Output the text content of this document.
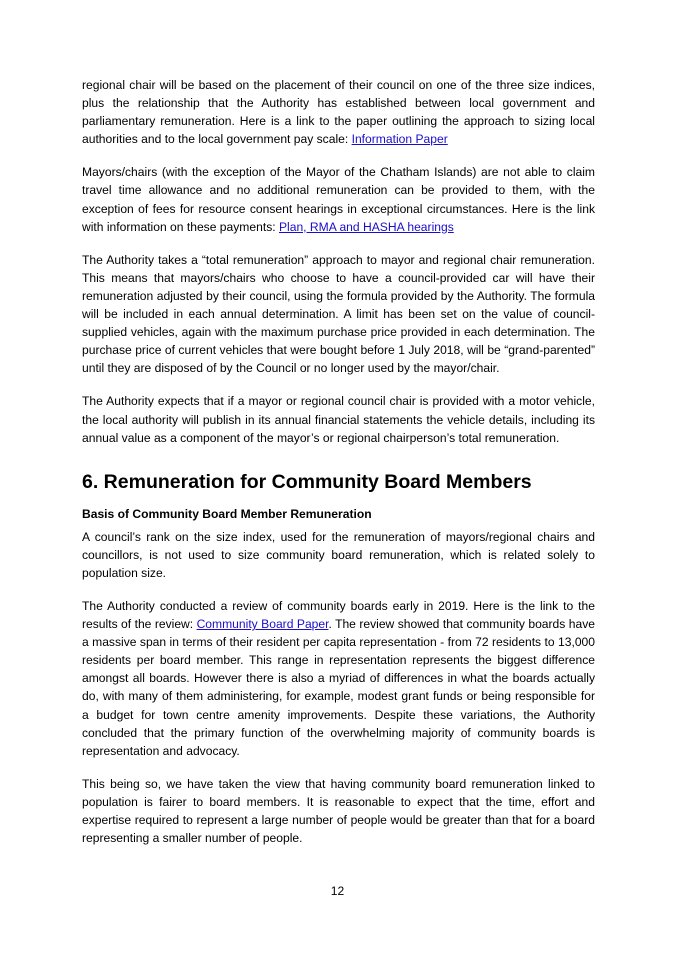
regional chair will be based on the placement of their council on one of the three size indices, plus the relationship that the Authority has established between local government and parliamentary remuneration. Here is a link to the paper outlining the approach to sizing local authorities and to the local government pay scale: Information Paper

Mayors/chairs (with the exception of the Mayor of the Chatham Islands) are not able to claim travel time allowance and no additional remuneration can be provided to them, with the exception of fees for resource consent hearings in exceptional circumstances. Here is the link with information on these payments: Plan, RMA and HASHA hearings

The Authority takes a “total remuneration” approach to mayor and regional chair remuneration. This means that mayors/chairs who choose to have a council-provided car will have their remuneration adjusted by their council, using the formula provided by the Authority. The formula will be included in each annual determination. A limit has been set on the value of council-supplied vehicles, again with the maximum purchase price provided in each determination. The purchase price of current vehicles that were bought before 1 July 2018, will be “grand-parented” until they are disposed of by the Council or no longer used by the mayor/chair.

The Authority expects that if a mayor or regional council chair is provided with a motor vehicle, the local authority will publish in its annual financial statements the vehicle details, including its annual value as a component of the mayor’s or regional chairperson’s total remuneration.

6. Remuneration for Community Board Members
Basis of Community Board Member Remuneration

A council’s rank on the size index, used for the remuneration of mayors/regional chairs and councillors, is not used to size community board remuneration, which is related solely to population size.

The Authority conducted a review of community boards early in 2019. Here is the link to the results of the review: Community Board Paper. The review showed that community boards have a massive span in terms of their resident per capita representation - from 72 residents to 13,000 residents per board member. This range in representation represents the biggest difference amongst all boards. However there is also a myriad of differences in what the boards actually do, with many of them administering, for example, modest grant funds or being responsible for a budget for town centre amenity improvements. Despite these variations, the Authority concluded that the primary function of the overwhelming majority of community boards is representation and advocacy.

This being so, we have taken the view that having community board remuneration linked to population is fairer to board members. It is reasonable to expect that the time, effort and expertise required to represent a large number of people would be greater than that for a board representing a smaller number of people.

12
